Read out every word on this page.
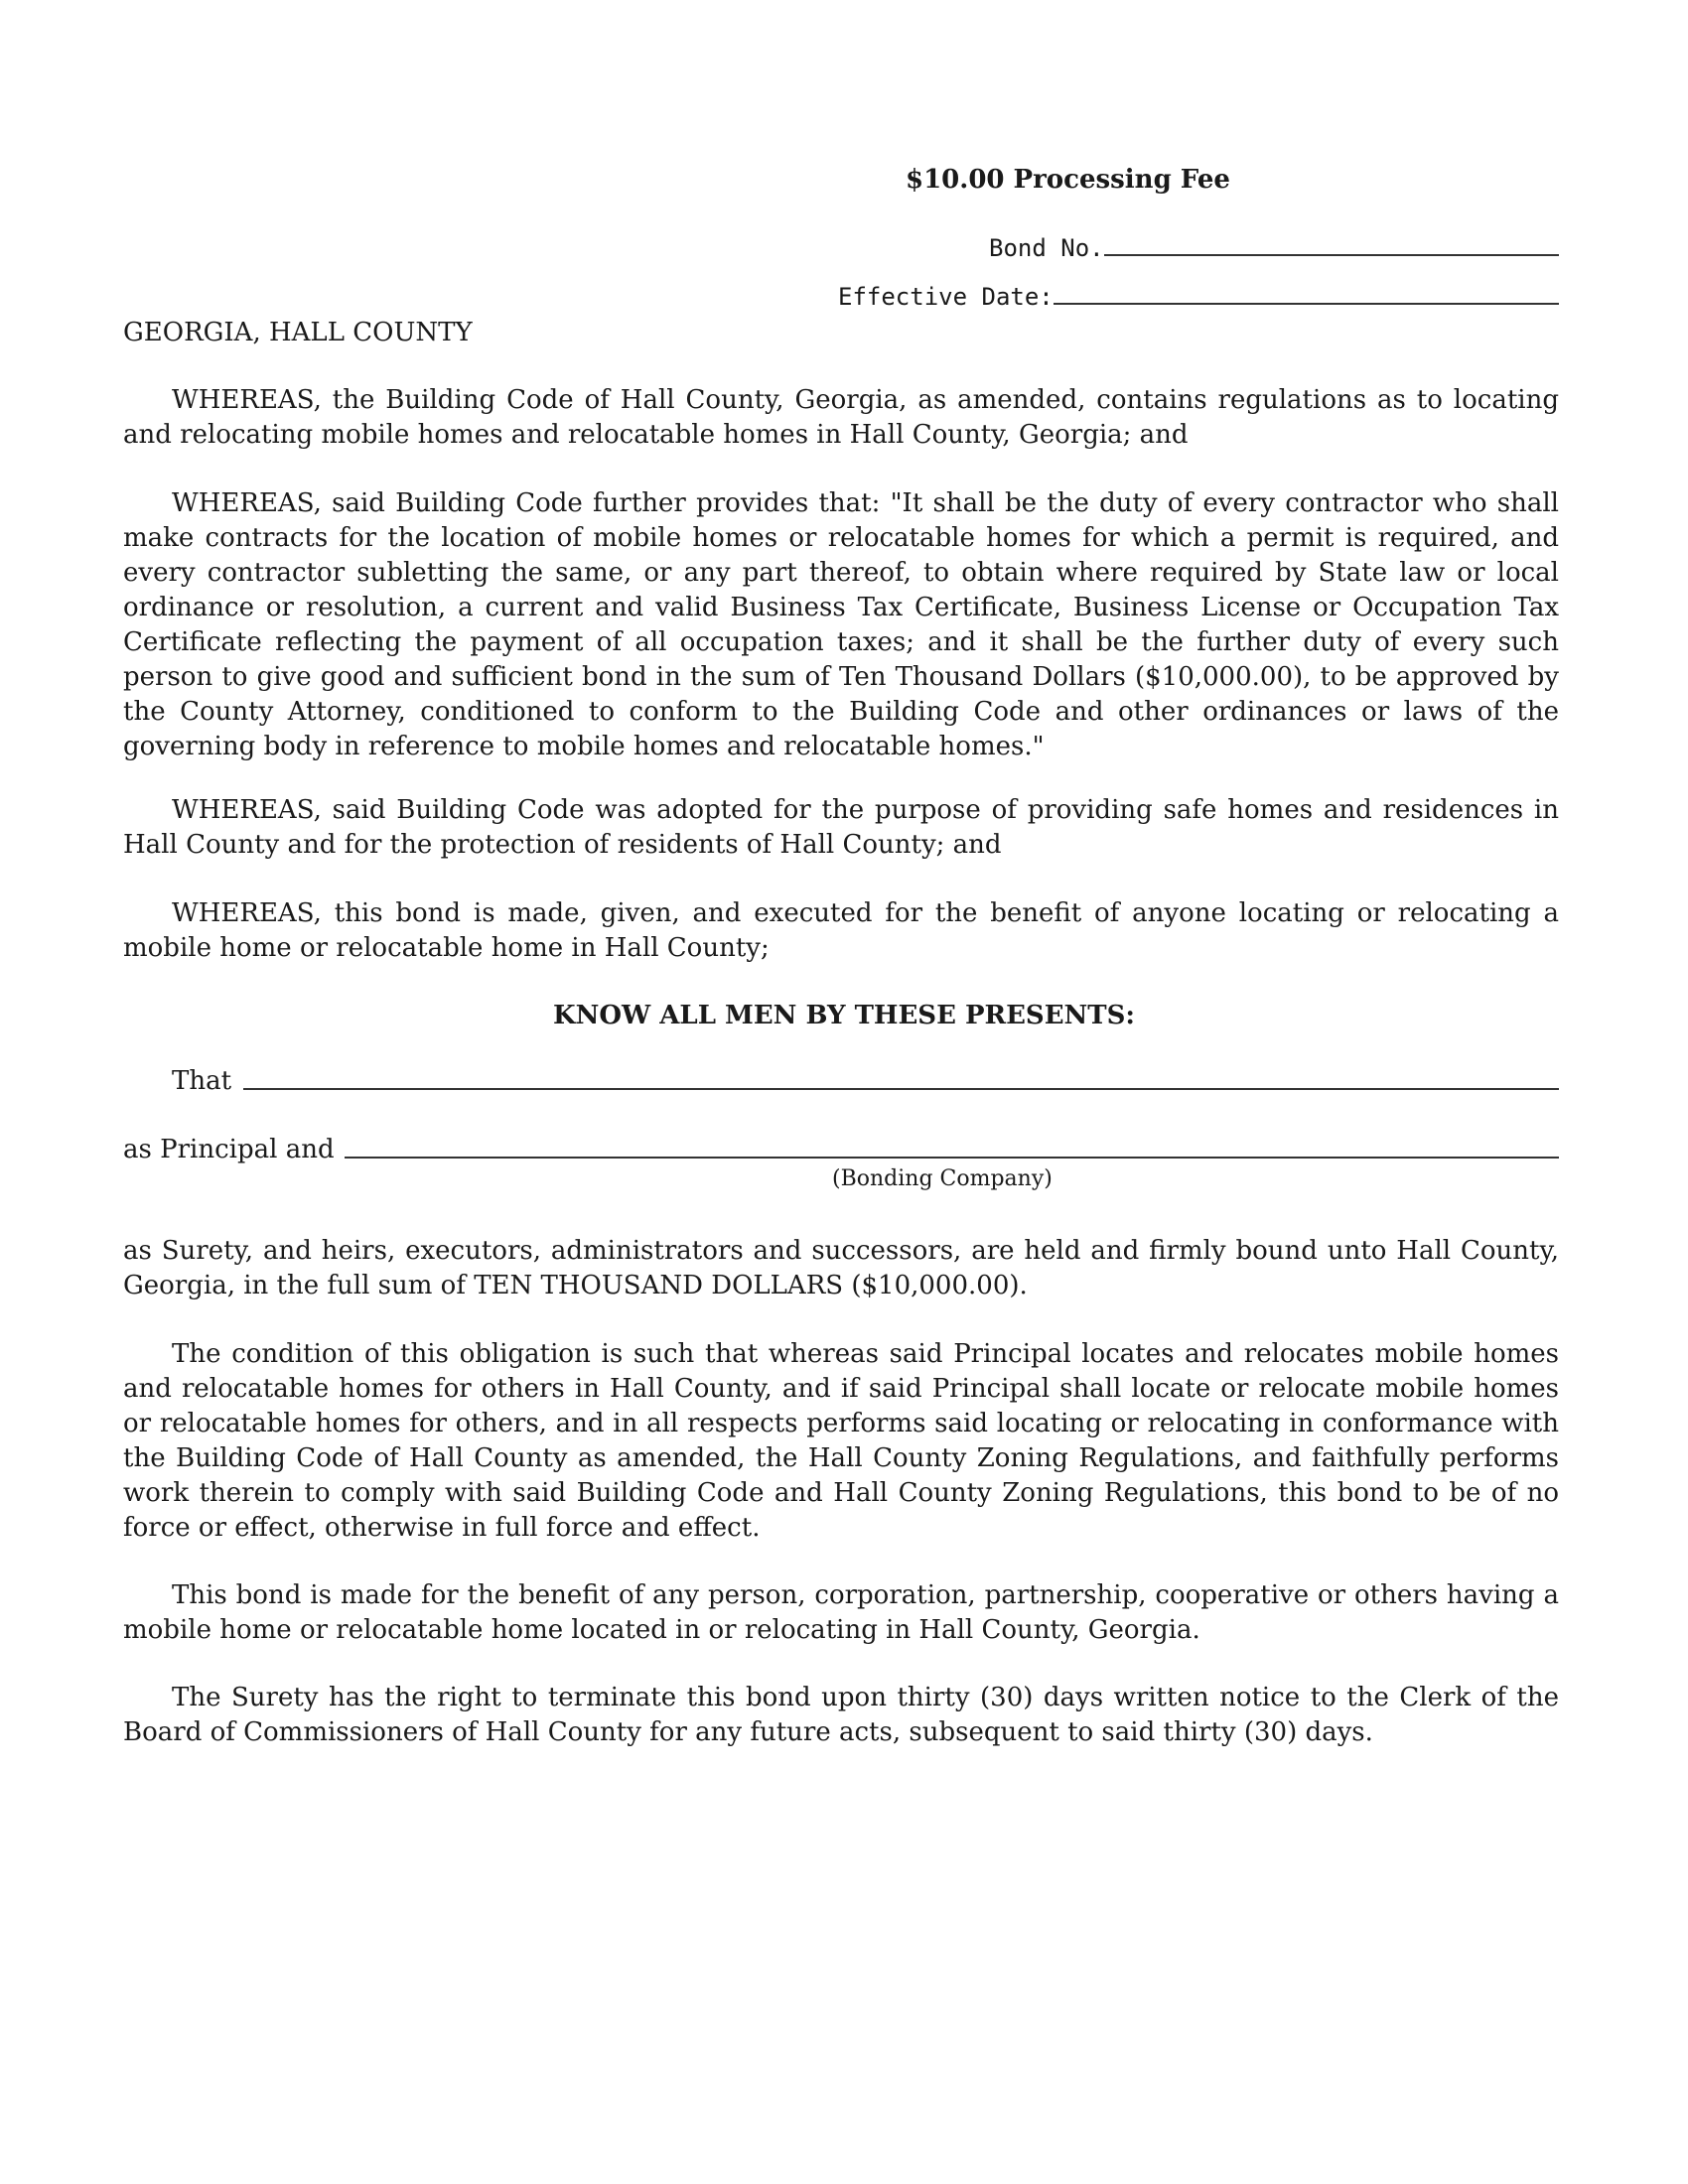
$10.00 Processing Fee
Bond No.
Effective Date:
GEORGIA, HALL COUNTY

WHEREAS, the Building Code of Hall County, Georgia, as amended, contains regulations as to locating and relocating mobile homes and relocatable homes in Hall County, Georgia; and

WHEREAS, said Building Code further provides that: "It shall be the duty of every contractor who shall make contracts for the location of mobile homes or relocatable homes for which a permit is required, and every contractor subletting the same, or any part thereof, to obtain where required by State law or local ordinance or resolution, a current and valid Business Tax Certificate, Business License or Occupation Tax Certificate reflecting the payment of all occupation taxes; and it shall be the further duty of every such person to give good and sufficient bond in the sum of Ten Thousand Dollars ($10,000.00), to be approved by the County Attorney, conditioned to conform to the Building Code and other ordinances or laws of the governing body in reference to mobile homes and relocatable homes."

WHEREAS, said Building Code was adopted for the purpose of providing safe homes and residences in Hall County and for the protection of residents of Hall County; and

WHEREAS, this bond is made, given, and executed for the benefit of anyone locating or relocating a mobile home or relocatable home in Hall County;

KNOW ALL MEN BY THESE PRESENTS:
That
as Principal and
(Bonding Company)

as Surety, and heirs, executors, administrators and successors, are held and firmly bound unto Hall County, Georgia, in the full sum of TEN THOUSAND DOLLARS ($10,000.00).

The condition of this obligation is such that whereas said Principal locates and relocates mobile homes and relocatable homes for others in Hall County, and if said Principal shall locate or relocate mobile homes or relocatable homes for others, and in all respects performs said locating or relocating in conformance with the Building Code of Hall County as amended, the Hall County Zoning Regulations, and faithfully performs work therein to comply with said Building Code and Hall County Zoning Regulations, this bond to be of no force or effect, otherwise in full force and effect.

This bond is made for the benefit of any person, corporation, partnership, cooperative or others having a mobile home or relocatable home located in or relocating in Hall County, Georgia.

The Surety has the right to terminate this bond upon thirty (30) days written notice to the Clerk of the Board of Commissioners of Hall County for any future acts, subsequent to said thirty (30) days.
